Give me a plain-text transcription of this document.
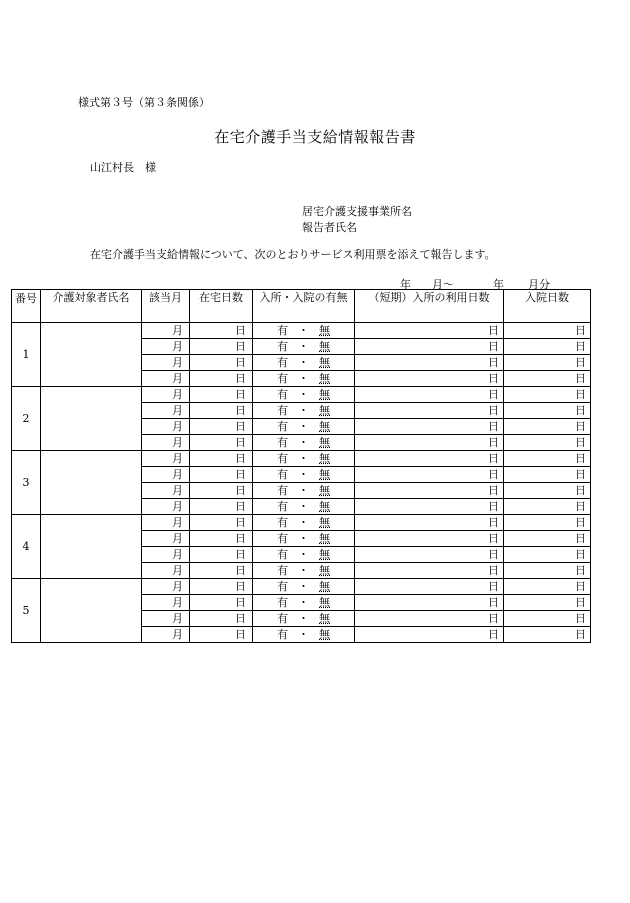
様式第３号（第３条関係）
在宅介護手当支給情報報告書
山江村長　様
居宅介護支援事業所名
報告者氏名
在宅介護手当支給情報について、次のとおりサービス利用票を添えて報告します。
年 月～	年 月分
番号	介護対象者氏名	該当月	在宅日数	入所・入院の有無	（短期）入所の利用日数	入院日数
1		月	日	有 ・ 無	日	日
		月	日	有 ・ 無	日	日
		月	日	有 ・ 無	日	日
		月	日	有 ・ 無	日	日
2		月	日	有 ・ 無	日	日
		月	日	有 ・ 無	日	日
		月	日	有 ・ 無	日	日
		月	日	有 ・ 無	日	日
3		月	日	有 ・ 無	日	日
		月	日	有 ・ 無	日	日
		月	日	有 ・ 無	日	日
		月	日	有 ・ 無	日	日
4		月	日	有 ・ 無	日	日
		月	日	有 ・ 無	日	日
		月	日	有 ・ 無	日	日
		月	日	有 ・ 無	日	日
5		月	日	有 ・ 無	日	日
		月	日	有 ・ 無	日	日
		月	日	有 ・ 無	日	日
		月	日	有 ・ 無	日	日
